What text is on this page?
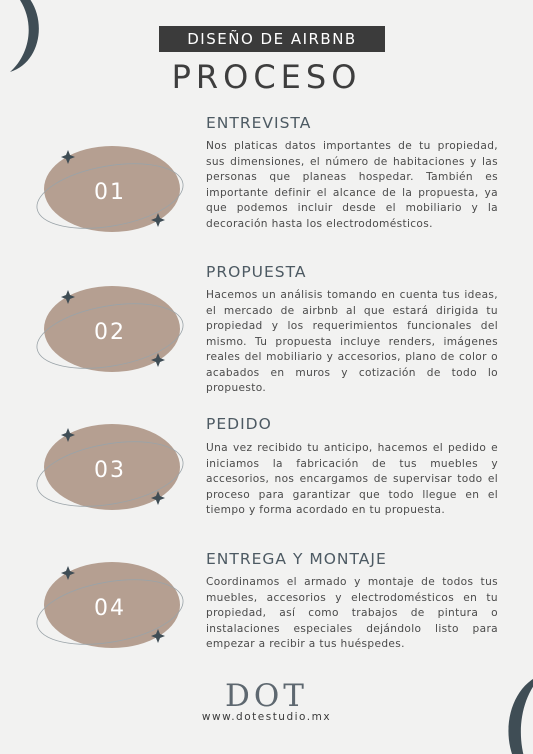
DISEÑO DE AIRBNB
PROCESO
01
ENTREVISTA

Nos platicas datos importantes de tu propiedad, sus dimensiones, el número de habitaciones y las personas que planeas hospedar. También es importante definir el alcance de la propuesta, ya que podemos incluir desde el mobiliario y la decoración hasta los electrodomésticos.

02
PROPUESTA

Hacemos un análisis tomando en cuenta tus ideas, el mercado de airbnb al que estará dirigida tu propiedad y los requerimientos funcionales del mismo. Tu propuesta incluye renders, imágenes reales del mobiliario y accesorios, plano de color o acabados en muros y cotización de todo lo propuesto.

03
PEDIDO

Una vez recibido tu anticipo, hacemos el pedido e iniciamos la fabricación de tus muebles y accesorios, nos encargamos de supervisar todo el proceso para garantizar que todo llegue en el tiempo y forma acordado en tu propuesta.

04
ENTREGA Y MONTAJE

Coordinamos el armado y montaje de todos tus muebles, accesorios y electrodomésticos en tu propiedad, así como trabajos de pintura o instalaciones especiales dejándolo listo para empezar a recibir a tus huéspedes.

DOT
www.dotestudio.mx
